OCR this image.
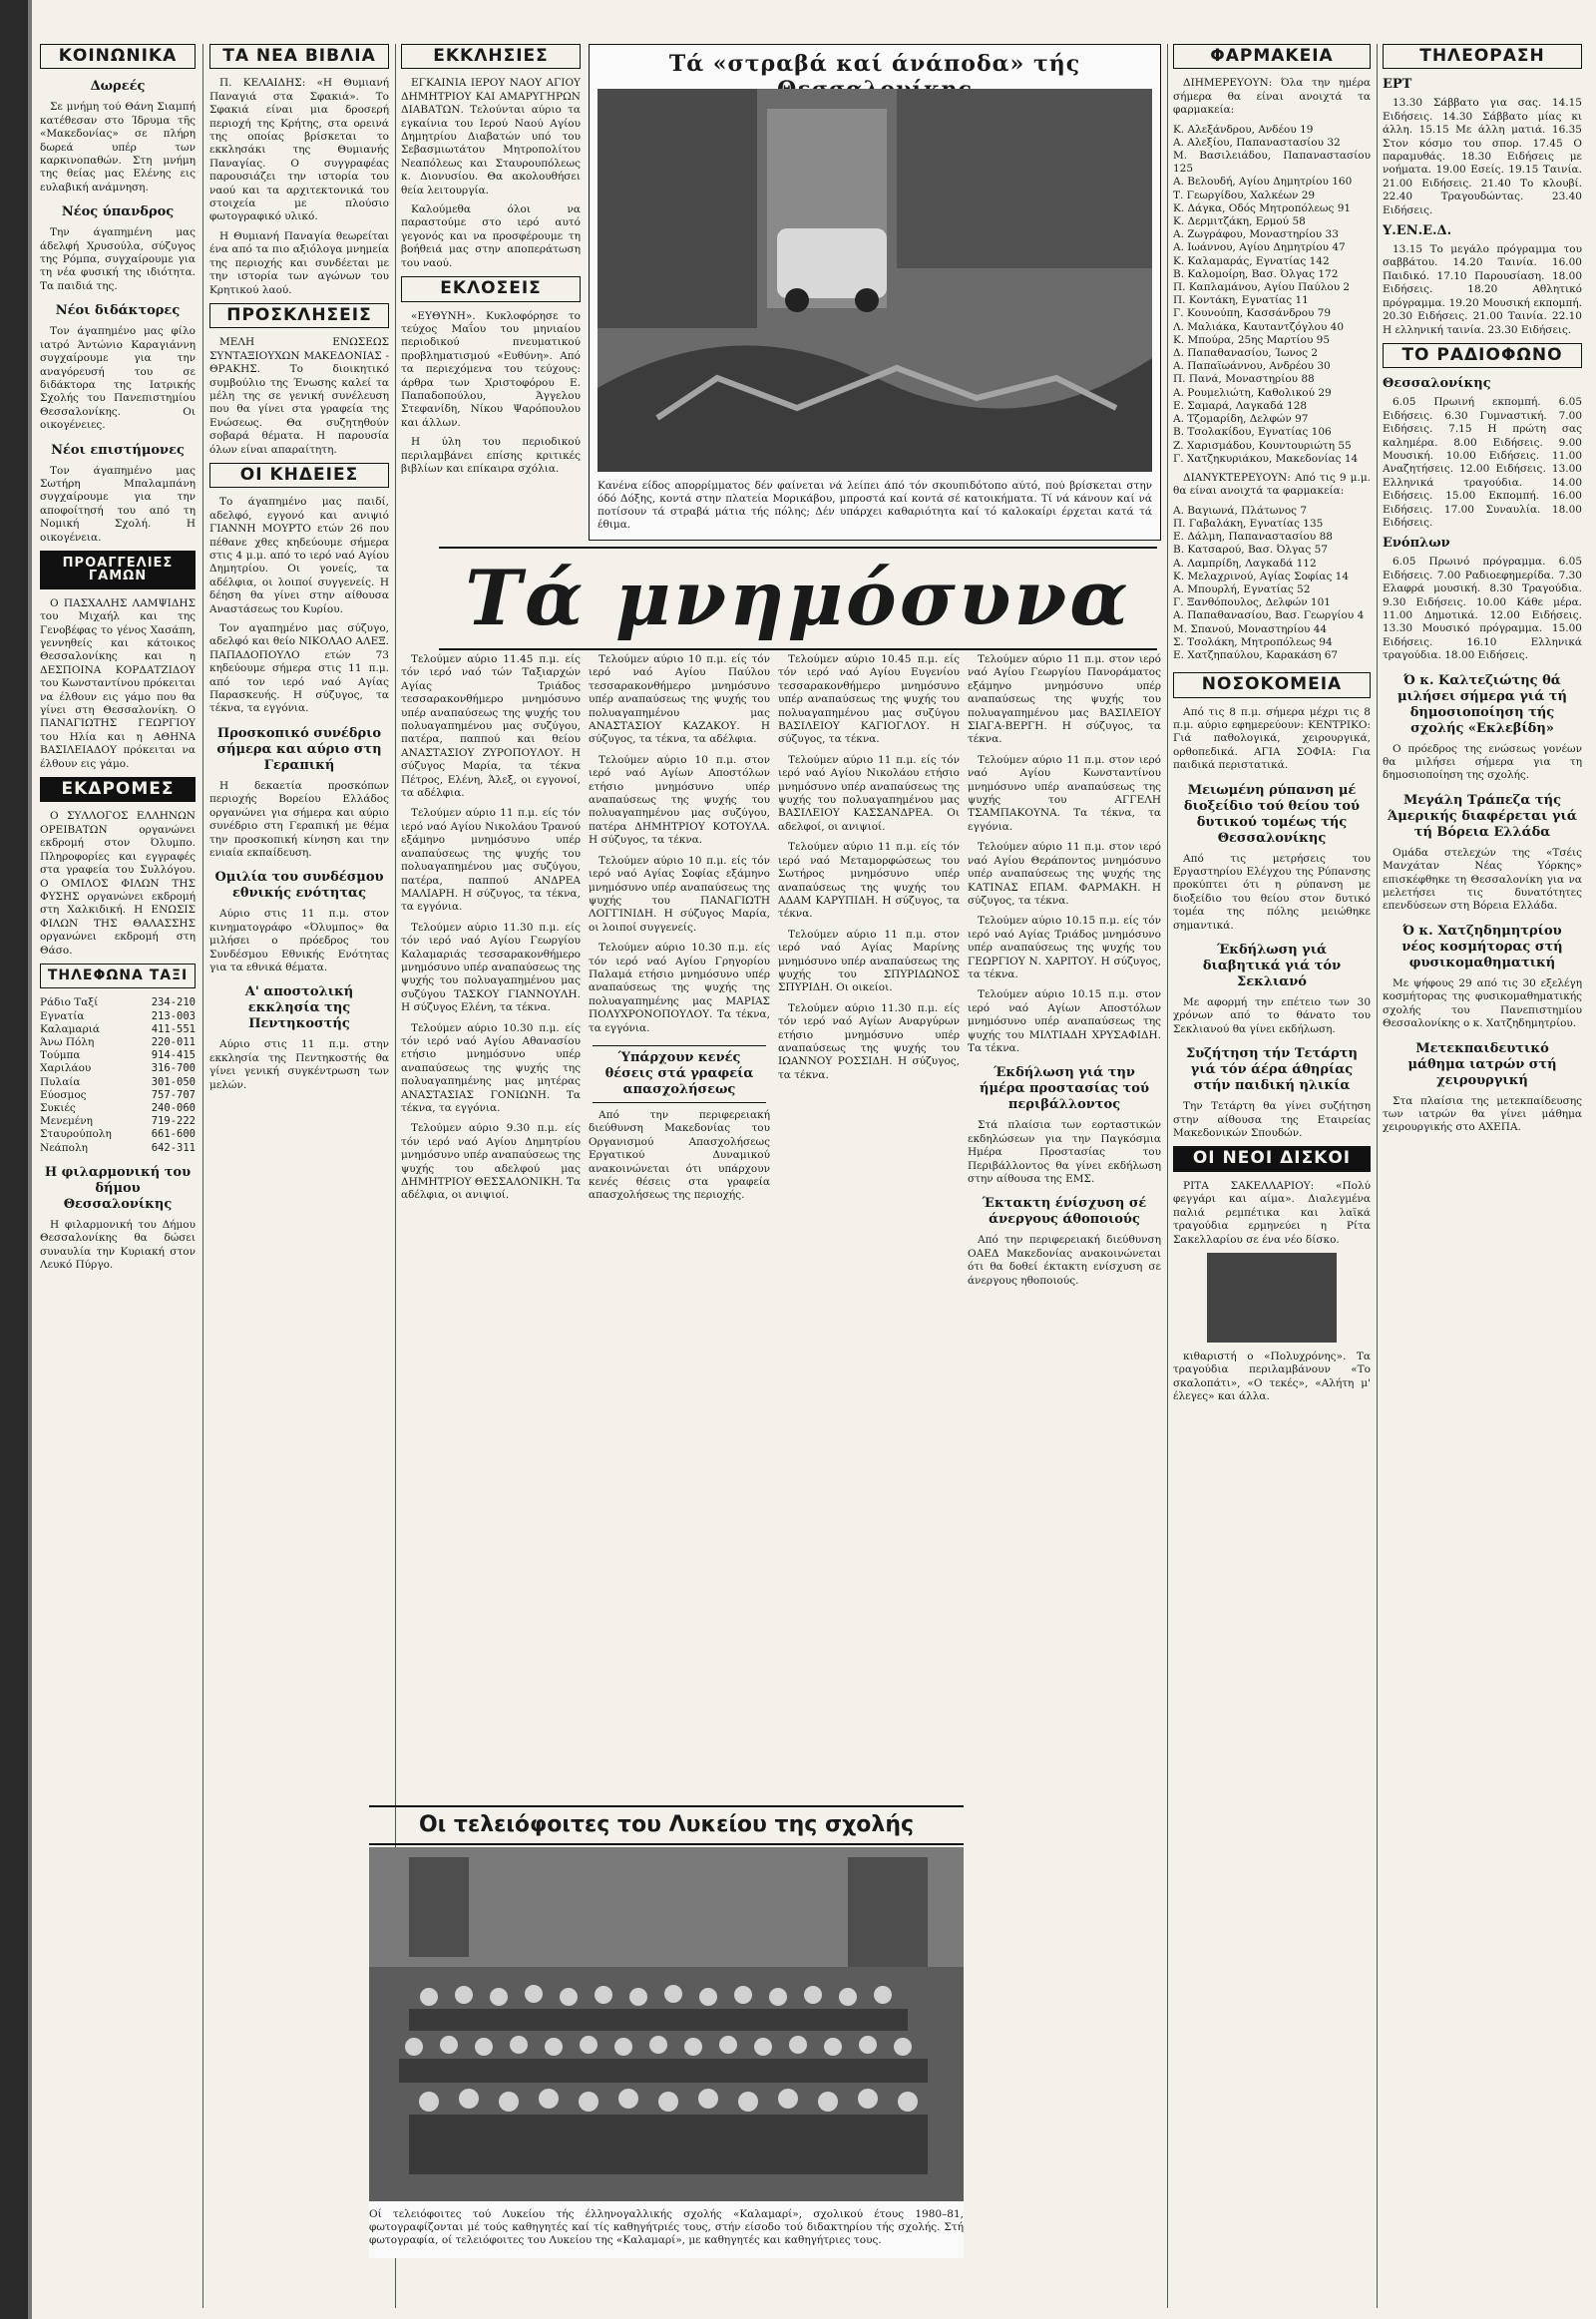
ΚΟΙΝΩΝΙΚΑ
Δωρεές

Σε μνήμη τού Θάνη Σιαμπή κατέθεσαν στο Ίδρυμα τῆς «Μακεδονίας» σε πλήρη δωρεά υπέρ των καρκινοπαθών. Στη μνήμη της θείας μας Ελένης εις ευλαβική ανάμνηση.

Νέος ύπανδρος

Την άγαπημένη μας άδελφή Χρυσούλα, σύζυγος της Ρόμπα, συγχαίρουμε για τη νέα φυσική της ιδιότητα. Τα παιδιά της.

Νέοι διδάκτορες

Τον άγαπημένο μας φίλο ιατρό Άντώνιο Καραγιάννη συγχαίρουμε για την αναγόρευσή του σε διδάκτορα της Ιατρικής Σχολής του Πανεπιστημίου Θεσσαλονίκης. Οι οικογένειες.

Νέοι επιστήμονες

Τον άγαπημένο μας Σωτήρη Μπαλαμπάνη συγχαίρουμε για την αποφοίτησή του από τη Νομική Σχολή. Η οικογένεια.

ΠΡΟΑΓΓΕΛΙΕΣ ΓΑΜΩΝ

Ο ΠΑΣΧΑΛΗΣ ΛΑΜΨΙΔΗΣ του Μιχαήλ και της Γενοβέφας το γένος Χασάπη, γεννηθείς και κάτοικος Θεσσαλονίκης και η ΔΕΣΠΟΙΝΑ ΚΟΡΔΑΤΖΙΔΟΥ του Κωνσταντίνου πρόκειται να έλθουν εις γάμο που θα γίνει στη Θεσσαλονίκη. Ο ΠΑΝΑΓΙΩΤΗΣ ΓΕΩΡΓΙΟΥ του Ηλία και η ΑΘΗΝΑ ΒΑΣΙΛΕΙΑΔΟΥ πρόκειται να έλθουν εις γάμο.

ΕΚΔΡΟΜΕΣ

Ο ΣΥΛΛΟΓΟΣ ΕΛΛΗΝΩΝ ΟΡΕΙΒΑΤΩΝ οργανώνει εκδρομή στον Όλυμπο. Πληροφορίες και εγγραφές στα γραφεία του Συλλόγου. Ο ΟΜΙΛΟΣ ΦΙΛΩΝ ΤΗΣ ΦΥΣΗΣ οργανώνει εκδρομή στη Χαλκιδική. Η ΕΝΩΣΙΣ ΦΙΛΩΝ ΤΗΣ ΘΑΛΑΣΣΗΣ οργανώνει εκδρομή στη Θάσο.

ΤΗΛΕΦΩΝΑ ΤΑΞΙ
Ράδιο Ταξί	234-210
Εγνατία	213-003
Καλαμαριά	411-551
Άνω Πόλη	220-011
Τούμπα	914-415
Χαριλάου	316-700
Πυλαία	301-050
Εύοσμος	757-707
Συκιές	240-060
Μενεμένη	719-222
Σταυρούπολη	661-600
Νεάπολη	642-311
Η φιλαρμονική του δήμου Θεσσαλονίκης

Η φιλαρμονική του Δήμου Θεσσαλονίκης θα δώσει συναυλία την Κυριακή στον Λευκό Πύργο.

ΤΑ ΝΕΑ ΒΙΒΛΙΑ

Π. ΚΕΛΑΙΔΗΣ: «Η Θυμιανή Παναγιά στα Σφακιά». Το Σφακιά είναι μια δροσερή περιοχή της Κρήτης, στα ορεινά της οποίας βρίσκεται το εκκλησάκι της Θυμιανής Παναγίας. Ο συγγραφέας παρουσιάζει την ιστορία του ναού και τα αρχιτεκτονικά του στοιχεία με πλούσιο φωτογραφικό υλικό.

Η Θυμιανή Παναγία θεωρείται ένα από τα πιο αξιόλογα μνημεία της περιοχής και συνδέεται με την ιστορία των αγώνων του Κρητικού λαού.

ΠΡΟΣΚΛΗΣΕΙΣ

ΜΕΛΗ ΕΝΩΣΕΩΣ ΣΥΝΤΑΞΙΟΥΧΩΝ ΜΑΚΕΔΟΝΙΑΣ - ΘΡΑΚΗΣ. Το διοικητικό συμβούλιο της Ένωσης καλεί τα μέλη της σε γενική συνέλευση που θα γίνει στα γραφεία της Ενώσεως. Θα συζητηθούν σοβαρά θέματα. Η παρουσία όλων είναι απαραίτητη.

ΟΙ ΚΗΔΕΙΕΣ

Το άγαπημένο μας παιδί, αδελφό, εγγονό και ανιψιό ΓΙΑΝΝΗ ΜΟΥΡΤΟ ετών 26 που πέθανε χθες κηδεύουμε σήμερα στις 4 μ.μ. από το ιερό ναό Αγίου Δημητρίου. Οι γονείς, τα αδέλφια, οι λοιποί συγγενείς. Η δέηση θα γίνει στην αίθουσα Αναστάσεως του Κυρίου.

Τον αγαπημένο μας σύζυγο, αδελφό και θείο ΝΙΚΟΛΑΟ ΑΛΕΞ. ΠΑΠΑΔΟΠΟΥΛΟ ετών 73 κηδεύουμε σήμερα στις 11 π.μ. από τον ιερό ναό Αγίας Παρασκευής. Η σύζυγος, τα τέκνα, τα εγγόνια.

Προσκοπικό συνέδριο σήμερα και αύριο στη Γεραπική

Η δεκαετία προσκόπων περιοχής Βορείου Ελλάδος οργανώνει για σήμερα και αύριο συνέδριο στη Γεραπική με θέμα την προσκοπική κίνηση και την ενιαία εκπαίδευση.

Ομιλία του συνδέσμου εθνικής ενότητας

Αύριο στις 11 π.μ. στον κινηματογράφο «Όλυμπος» θα μιλήσει ο πρόεδρος του Συνδέσμου Εθνικής Ενότητας για τα εθνικά θέματα.

Α' αποστολική εκκλησία της Πεντηκοστής

Αύριο στις 11 π.μ. στην εκκλησία της Πεντηκοστής θα γίνει γενική συγκέντρωση των μελών.

ΕΚΚΛΗΣΙΕΣ

ΕΓΚΑΙΝΙΑ ΙΕΡΟΥ ΝΑΟΥ ΑΓΙΟΥ ΔΗΜΗΤΡΙΟΥ ΚΑΙ ΑΜΑΡΥΓΗΡΩΝ ΔΙΑΒΑΤΩΝ. Τελούνται αύριο τα εγκαίνια του Ιερού Ναού Αγίου Δημητρίου Διαβατών υπό του Σεβασμιωτάτου Μητροπολίτου Νεαπόλεως και Σταυρουπόλεως κ. Διονυσίου. Θα ακολουθήσει θεία λειτουργία.

Καλούμεθα όλοι να παραστούμε στο ιερό αυτό γεγονός και να προσφέρουμε τη βοήθειά μας στην αποπεράτωση του ναού.

ΕΚΛΟΣΕΙΣ

«ΕΥΘΥΝΗ». Κυκλοφόρησε το τεύχος Μαΐου του μηνιαίου περιοδικού πνευματικού προβληματισμού «Ευθύνη». Από τα περιεχόμενα του τεύχους: άρθρα των Χριστοφόρου Ε. Παπαδοπούλου, Άγγελου Στεφανίδη, Νίκου Ψαρόπουλου και άλλων.

Η ύλη του περιοδικού περιλαμβάνει επίσης κριτικές βιβλίων και επίκαιρα σχόλια.

Τά «στραβά καί άνάποδα» τής
Κανένα είδος απορρίμματος δέν φαίνεται νά λείπει άπό τόν σκουπιδότοπο αύτό, πού βρίσκεται στην όδό Δόξης, κοντά στην πλατεία Μορικάβου, μπροστά καί κοντά σέ κατοικήματα. Τί νά κάνουν καί νά ποτίσουν τά στραβά μάτια τής πόλης; Δέν υπάρχει καθαριότητα καί τό καλοκαίρι έρχεται κατά τά έθιμα.
Τά μνημόσυνα

Τελούμεν αύριο 11.45 π.μ. είς τόν ιερό ναό τών Ταξιαρχών Αγίας Τριάδος τεσσαρακονθήμερο μνημόσυνο υπέρ αναπαύσεως της ψυχής του πολυαγαπημένου μας συζύγου, πατέρα, παππού και θείου ΑΝΑΣΤΑΣΙΟΥ ΖΥΡΟΠΟΥΛΟΥ. Η σύζυγος Μαρία, τα τέκνα Πέτρος, Ελένη, Άλεξ, οι εγγονοί, τα αδέλφια.

Τελούμεν αύριο 11 π.μ. είς τόν ιερό ναό Αγίου Νικολάου Τρανού εξάμηνο μνημόσυνο υπέρ αναπαύσεως της ψυχής του πολυαγαπημένου μας συζύγου, πατέρα, παππού ΑΝΔΡΕΑ ΜΑΛΙΑΡΗ. Η σύζυγος, τα τέκνα, τα εγγόνια.

Τελούμεν αύριο 11.30 π.μ. είς τόν ιερό ναό Αγίου Γεωργίου Καλαμαριάς τεσσαρακονθήμερο μνημόσυνο υπέρ αναπαύσεως της ψυχής του πολυαγαπημένου μας συζύγου ΤΑΣΚΟΥ ΓΙΑΝΝΟΥΛΗ. Η σύζυγος Ελένη, τα τέκνα.

Τελούμεν αύριο 10.30 π.μ. είς τόν ιερό ναό Αγίου Αθανασίου ετήσιο μνημόσυνο υπέρ αναπαύσεως της ψυχής της πολυαγαπημένης μας μητέρας ΑΝΑΣΤΑΣΙΑΣ ΓΟΝΙΩΝΗ. Τα τέκνα, τα εγγόνια.

Τελούμεν αύριο 9.30 π.μ. είς τόν ιερό ναό Αγίου Δημητρίου μνημόσυνο υπέρ αναπαύσεως της ψυχής του αδελφού μας ΔΗΜΗΤΡΙΟΥ ΘΕΣΣΑΛΟΝΙΚΗ. Τα αδέλφια, οι ανιψιοί.

Τελούμεν αύριο 10 π.μ. είς τόν ιερό ναό Αγίου Παύλου τεσσαρακονθήμερο μνημόσυνο υπέρ αναπαύσεως της ψυχής του πολυαγαπημένου μας ΑΝΑΣΤΑΣΙΟΥ ΚΑΖΑΚΟΥ. Η σύζυγος, τα τέκνα, τα αδέλφια.

Τελούμεν αύριο 10 π.μ. στον ιερό ναό Αγίων Αποστόλων ετήσιο μνημόσυνο υπέρ αναπαύσεως της ψυχής του πολυαγαπημένου μας συζύγου, πατέρα ΔΗΜΗΤΡΙΟΥ ΚΟΤΟΥΛΑ. Η σύζυγος, τα τέκνα.

Τελούμεν αύριο 10 π.μ. είς τόν ιερό ναό Αγίας Σοφίας εξάμηνο μνημόσυνο υπέρ αναπαύσεως της ψυχής του ΠΑΝΑΓΙΩΤΗ ΛΟΓΓΙΝΙΔΗ. Η σύζυγος Μαρία, οι λοιποί συγγενείς.

Τελούμεν αύριο 10.30 π.μ. είς τόν ιερό ναό Αγίου Γρηγορίου Παλαμά ετήσιο μνημόσυνο υπέρ αναπαύσεως της ψυχής της πολυαγαπημένης μας ΜΑΡΙΑΣ ΠΟΛΥΧΡΟΝΟΠΟΥΛΟΥ. Τα τέκνα, τα εγγόνια.

Ύπάρχουν κενές θέσεις στά γραφεία απασχολήσεως

Από την περιφερειακή διεύθυνση Μακεδονίας του Οργανισμού Απασχολήσεως Εργατικού Δυναμικού ανακοινώνεται ότι υπάρχουν κενές θέσεις στα γραφεία απασχολήσεως της περιοχής.

Τελούμεν αύριο 10.45 π.μ. είς τόν ιερό ναό Αγίου Ευγενίου τεσσαρακονθήμερο μνημόσυνο υπέρ αναπαύσεως της ψυχής του πολυαγαπημένου μας συζύγου ΒΑΣΙΛΕΙΟΥ ΚΑΓΙΟΓΛΟΥ. Η σύζυγος, τα τέκνα.

Τελούμεν αύριο 11 π.μ. είς τόν ιερό ναό Αγίου Νικολάου ετήσιο μνημόσυνο υπέρ αναπαύσεως της ψυχής του πολυαγαπημένου μας ΒΑΣΙΛΕΙΟΥ ΚΑΣΣΑΝΔΡΕΑ. Οι αδελφοί, οι ανιψιοί.

Τελούμεν αύριο 11 π.μ. είς τόν ιερό ναό Μεταμορφώσεως του Σωτήρος μνημόσυνο υπέρ αναπαύσεως της ψυχής του ΑΔΑΜ ΚΑΡΥΠΙΔΗ. Η σύζυγος, τα τέκνα.

Τελούμεν αύριο 11 π.μ. στον ιερό ναό Αγίας Μαρίνης μνημόσυνο υπέρ αναπαύσεως της ψυχής του ΣΠΥΡΙΔΩΝΟΣ ΣΠΥΡΙΔΗ. Οι οικείοι.

Τελούμεν αύριο 11.30 π.μ. είς τόν ιερό ναό Αγίων Αναργύρων ετήσιο μνημόσυνο υπέρ αναπαύσεως της ψυχής του ΙΩΑΝΝΟΥ ΡΟΣΣΙΔΗ. Η σύζυγος, τα τέκνα.

Τελούμεν αύριο 11 π.μ. στον ιερό ναό Αγίου Γεωργίου Πανοράματος εξάμηνο μνημόσυνο υπέρ αναπαύσεως της ψυχής του πολυαγαπημένου μας ΒΑΣΙΛΕΙΟΥ ΣΙΑΓΑ-ΒΕΡΓΗ. Η σύζυγος, τα τέκνα.

Τελούμεν αύριο 11 π.μ. στον ιερό ναό Αγίου Κωνσταντίνου μνημόσυνο υπέρ αναπαύσεως της ψυχής του ΑΓΓΕΛΗ ΤΣΑΜΠΑΚΟΥΝΑ. Τα τέκνα, τα εγγόνια.

Τελούμεν αύριο 11 π.μ. στον ιερό ναό Αγίου Θεράποντος μνημόσυνο υπέρ αναπαύσεως της ψυχής της ΚΑΤΙΝΑΣ ΕΠΑΜ. ΦΑΡΜΑΚΗ. Η σύζυγος, τα τέκνα.

Τελούμεν αύριο 10.15 π.μ. είς τόν ιερό ναό Αγίας Τριάδος μνημόσυνο υπέρ αναπαύσεως της ψυχής του ΓΕΩΡΓΙΟΥ Ν. ΧΑΡΙΤΟΥ. Η σύζυγος, τα τέκνα.

Τελούμεν αύριο 10.15 π.μ. στον ιερό ναό Αγίων Αποστόλων μνημόσυνο υπέρ αναπαύσεως της ψυχής του ΜΙΛΤΙΑΔΗ ΧΡΥΣΑΦΙΔΗ. Τα τέκνα.

Έκδήλωση γιά την ήμέρα προστασίας τού περιβάλλοντος

Στά πλαίσια των εορταστικών εκδηλώσεων για την Παγκόσμια Ημέρα Προστασίας του Περιβάλλοντος θα γίνει εκδήλωση στην αίθουσα της ΕΜΣ.

Έκτακτη ένίσχυση σέ άνεργους άθοποιούς

Από την περιφερειακή διεύθυνση ΟΑΕΔ Μακεδονίας ανακοινώνεται ότι θα δοθεί έκτακτη ενίσχυση σε άνεργους ηθοποιούς.

Οι τελειόφοιτες του Λυκείου της σχολής
Οί τελειόφοιτες τού Λυκείου τής έλληνογαλλικής σχολής «Καλαμαρί», σχολικού έτους 1980–81, φωτογραφίζονται μέ τούς καθηγητές καί τίς καθηγήτριές τους, στήν είσοδο τού διδακτηρίου τής σχολής. Στή φωτογραφία, οί τελειόφοιτες του Λυκείου της «Καλαμαρί», με καθηγητές και καθηγήτριες τους.
ΦΑΡΜΑΚΕΙΑ

ΔΙΗΜΕΡΕΥΟΥΝ: Όλα την ημέρα σήμερα θα είναι ανοιχτά τα φαρμακεία:

Κ. Αλεξάνδρου, Ανδέου 19
Α. Αλεξίου, Παπαναστασίου 32
Μ. Βασιλειάδου, Παπαναστασίου 125
Α. Βελουδή, Αγίου Δημητρίου 160
Τ. Γεωργίδου, Χαλκέων 29
Κ. Δάγκα, Οδός Μητροπόλεως 91
Κ. Δερμιτζάκη, Ερμού 58
Α. Ζωγράφου, Μοναστηρίου 33
Α. Ιωάννου, Αγίου Δημητρίου 47
Κ. Καλαμαράς, Εγνατίας 142
Β. Καλομοίρη, Βασ. Όλγας 172
Π. Καπλαμάνου, Αγίου Παύλου 2
Π. Κοντάκη, Εγνατίας 11
Γ. Κουνούπη, Κασσάνδρου 79
Λ. Μαλιάκα, Καυταντζόγλου 40
Κ. Μπούρα, 25ης Μαρτίου 95
Δ. Παπαθανασίου, Ίωνος 2
Α. Παπαϊωάννου, Ανδρέου 30
Π. Πανά, Μοναστηρίου 88
Α. Ρουμελιώτη, Καθολικού 29
Ε. Σαμαρά, Λαγκαδά 128
Α. Τζομαρίδη, Δελφών 97
Β. Τσολακίδου, Εγνατίας 106
Ζ. Χαρισμάδου, Κουντουριώτη 55
Γ. Χατζηκυριάκου, Μακεδονίας 14

ΔΙΑΝΥΚΤΕΡΕΥΟΥΝ: Από τις 9 μ.μ. θα είναι ανοιχτά τα φαρμακεία:

Α. Βαγιωνά, Πλάτωνος 7
Π. Γαβαλάκη, Εγνατίας 135
Ε. Δάλμη, Παπαναστασίου 88
Β. Κατσαρού, Βασ. Όλγας 57
Α. Λαμπρίδη, Λαγκαδά 112
Κ. Μελαχρινού, Αγίας Σοφίας 14
Α. Μπουρλή, Εγνατίας 52
Γ. Ξανθόπουλος, Δελφών 101
Α. Παπαθανασίου, Βασ. Γεωργίου 4
Μ. Σπανού, Μοναστηρίου 44
Σ. Τσολάκη, Μητροπόλεως 94
Ε. Χατζηπαύλου, Καρακάση 67
ΝΟΣΟΚΟΜΕΙΑ

Από τις 8 π.μ. σήμερα μέχρι τις 8 π.μ. αύριο εφημερεύουν: ΚΕΝΤΡΙΚΟ: Γιά παθολογικά, χειρουργικά, ορθοπεδικά. ΑΓΙΑ ΣΟΦΙΑ: Για παιδικά περιστατικά.

Μειωμένη ρύπανση μέ διοξείδιο τού θείου τού δυτικού τομέως τής Θεσσαλονίκης

Από τις μετρήσεις του Εργαστηρίου Ελέγχου της Ρύπανσης προκύπτει ότι η ρύπανση με διοξείδιο του θείου στον δυτικό τομέα της πόλης μειώθηκε σημαντικά.

Έκδήλωση γιά διαβητικά γιά τόν Σεκλιανό

Με αφορμή την επέτειο των 30 χρόνων από το θάνατο του Σεκλιανού θα γίνει εκδήλωση.

Συζήτηση τήν Τετάρτη γιά τόν άέρα άθηρίας στήν παιδική ηλικία

Την Τετάρτη θα γίνει συζήτηση στην αίθουσα της Εταιρείας Μακεδονικών Σπουδών.

ΟΙ ΝΕΟΙ ΔΙΣΚΟΙ

ΡΙΤΑ ΣΑΚΕΛΛΑΡΙΟΥ: «Πολύ φεγγάρι και αίμα». Διαλεγμένα παλιά ρεμπέτικα και λαϊκά τραγούδια ερμηνεύει η Ρίτα Σακελλαρίου σε ένα νέο δίσκο.

κιθαριστή ο «Πολυχρόνης». Τα τραγούδια περιλαμβάνουν «Το σκαλοπάτι», «Ο τεκές», «Αλήτη μ' έλεγες» και άλλα.

ΤΗΛΕΟΡΑΣΗ
ΕΡΤ

13.30 Σάββατο για σας. 14.15 Ειδήσεις. 14.30 Σάββατο μίας κι άλλη. 15.15 Με άλλη ματιά. 16.35 Στον κόσμο του σπορ. 17.45 Ο παραμυθάς. 18.30 Ειδήσεις με νοήματα. 19.00 Εσείς. 19.15 Ταινία. 21.00 Ειδήσεις. 21.40 Το κλουβί. 22.40 Τραγουδώντας. 23.40 Ειδήσεις.

Υ.ΕΝ.Ε.Δ.

13.15 Το μεγάλο πρόγραμμα του σαββάτου. 14.20 Ταινία. 16.00 Παιδικό. 17.10 Παρουσίαση. 18.00 Ειδήσεις. 18.20 Αθλητικό πρόγραμμα. 19.20 Μουσική εκπομπή. 20.30 Ειδήσεις. 21.00 Ταινία. 22.10 Η ελληνική ταινία. 23.30 Ειδήσεις.

ΤΟ ΡΑΔΙΟΦΩΝΟ
Θεσσαλονίκης

6.05 Πρωινή εκπομπή. 6.05 Ειδήσεις. 6.30 Γυμναστική. 7.00 Ειδήσεις. 7.15 Η πρώτη σας καλημέρα. 8.00 Ειδήσεις. 9.00 Μουσική. 10.00 Ειδήσεις. 11.00 Αναζητήσεις. 12.00 Ειδήσεις. 13.00 Ελληνικά τραγούδια. 14.00 Ειδήσεις. 15.00 Εκπομπή. 16.00 Ειδήσεις. 17.00 Συναυλία. 18.00 Ειδήσεις.

Ενόπλων

6.05 Πρωινό πρόγραμμα. 6.05 Ειδήσεις. 7.00 Ραδιοεφημερίδα. 7.30 Ελαφρά μουσική. 8.30 Τραγούδια. 9.30 Ειδήσεις. 10.00 Κάθε μέρα. 11.00 Δημοτικά. 12.00 Ειδήσεις. 13.30 Μουσικό πρόγραμμα. 15.00 Ειδήσεις. 16.10 Ελληνικά τραγούδια. 18.00 Ειδήσεις.

Ό κ. Καλτεζιώτης θά μιλήσει σήμερα γιά τή δημοσιοποίηση τής σχολής «Εκλεβίδη»

Ο πρόεδρος της ενώσεως γονέων θα μιλήσει σήμερα για τη δημοσιοποίηση της σχολής.

Μεγάλη Τράπεζα τής Άμερικής διαφέρεται γιά τή Βόρεια Ελλάδα

Ομάδα στελεχών της «Τσέις Μανχάταν Νέας Υόρκης» επισκέφθηκε τη Θεσσαλονίκη για να μελετήσει τις δυνατότητες επενδύσεων στη Βόρεια Ελλάδα.

Ό κ. Χατζηδημητρίου νέος κοσμήτορας στή φυσικομαθηματική

Με ψήφους 29 από τις 30 εξελέγη κοσμήτορας της φυσικομαθηματικής σχολής του Πανεπιστημίου Θεσσαλονίκης ο κ. Χατζηδημητρίου.

Μετεκπαιδευτικό μάθημα ιατρών στή χειρουργική

Στα πλαίσια της μετεκπαίδευσης των ιατρών θα γίνει μάθημα χειρουργικής στο ΑΧΕΠΑ.
